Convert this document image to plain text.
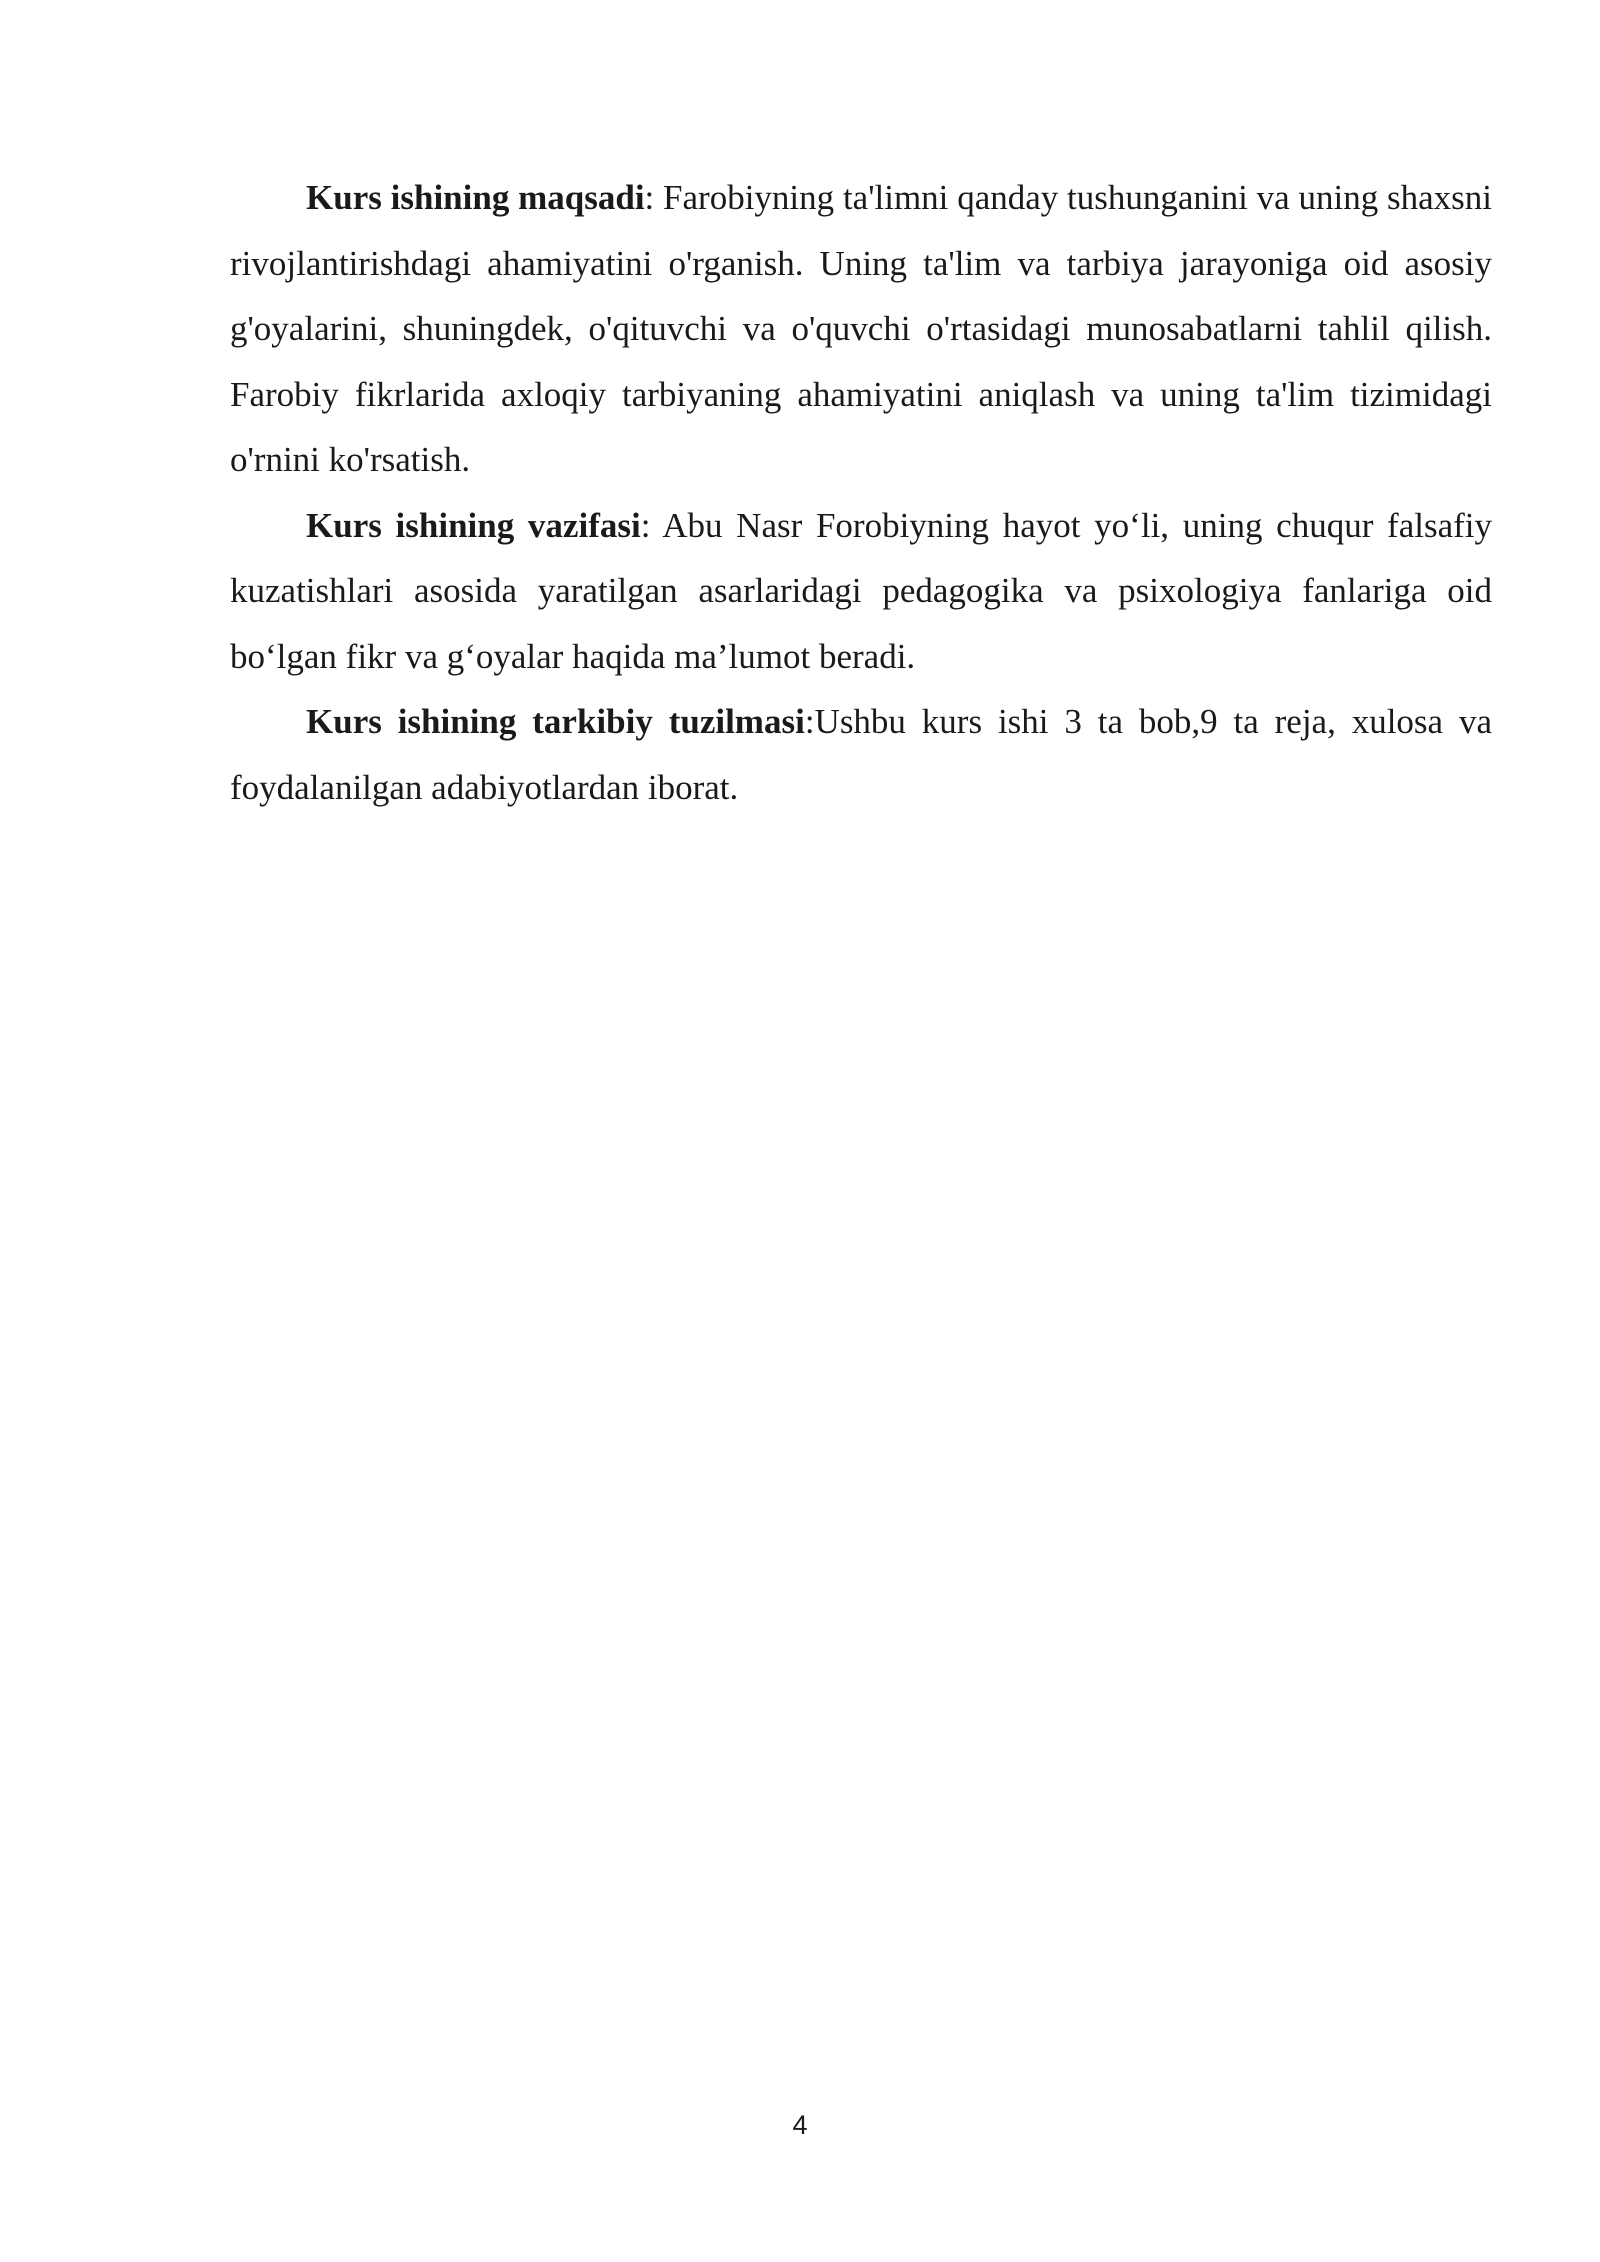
Kurs ishining maqsadi: Farobiyning ta'limni qanday tushunganini va uning shaxsni rivojlantirishdagi ahamiyatini o'rganish. Uning ta'lim va tarbiya jarayoniga oid asosiy g'oyalarini, shuningdek, o'qituvchi va o'quvchi o'rtasidagi munosabatlarni tahlil qilish. Farobiy fikrlarida axloqiy tarbiyaning ahamiyatini aniqlash va uning ta'lim tizimidagi o'rnini ko'rsatish.

Kurs ishining vazifasi: Abu Nasr Forobiyning hayot yo‘li, uning chuqur falsafiy kuzatishlari asosida yaratilgan asarlaridagi pedagogika va psixologiya fanlariga oid bo‘lgan fikr va g‘oyalar haqida ma’lumot beradi.

Kurs ishining tarkibiy tuzilmasi:Ushbu kurs ishi 3 ta bob,9 ta reja, xulosa va foydalanilgan adabiyotlardan iborat.

4
